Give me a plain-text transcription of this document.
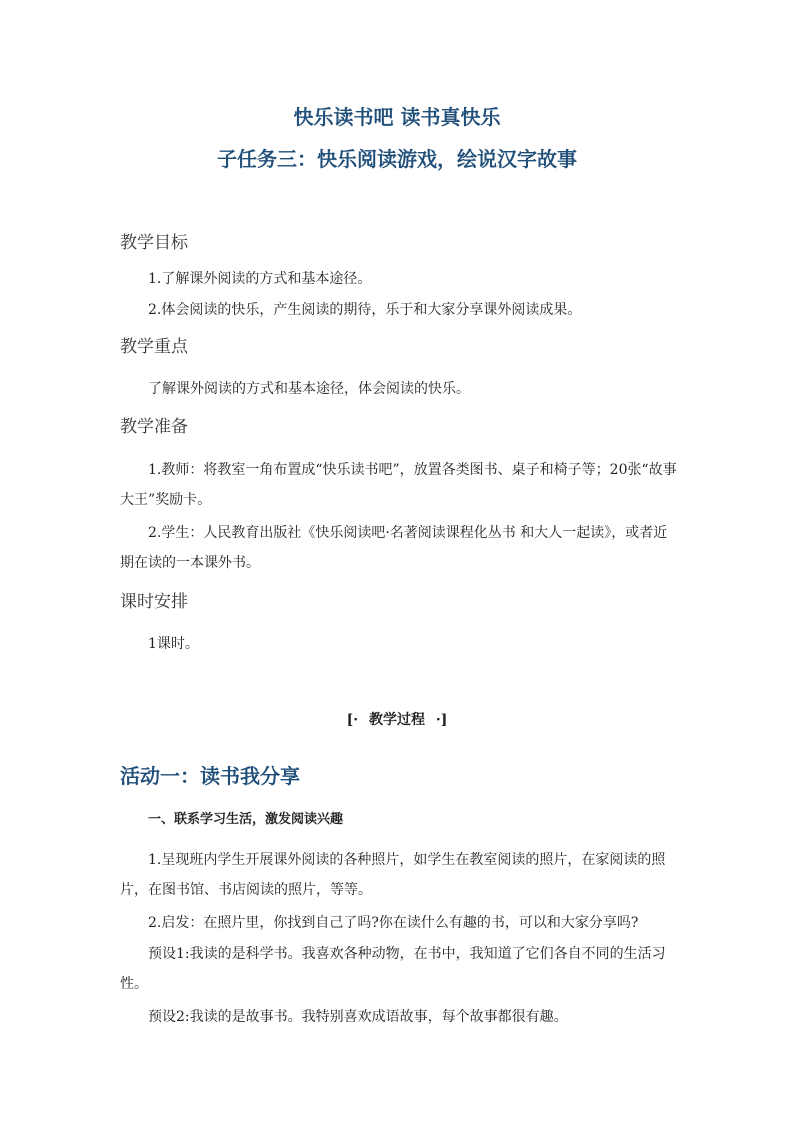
快乐读书吧 读书真快乐
子任务三：快乐阅读游戏，绘说汉字故事
教学目标

1.了解课外阅读的方式和基本途径。

2.体会阅读的快乐，产生阅读的期待，乐于和大家分享课外阅读成果。

教学重点

了解课外阅读的方式和基本途径，体会阅读的快乐。

教学准备

1.教师：将教室一角布置成“快乐读书吧”，放置各类图书、桌子和椅子等；20张“故事大王”奖励卡。

2.学生：人民教育出版社《快乐阅读吧·名著阅读课程化丛书 和大人一起读》，或者近期在读的一本课外书。

课时安排

1课时。

[· 教学过程 ·]
活动一：读书我分享
一、联系学习生活，激发阅读兴趣

1.呈现班内学生开展课外阅读的各种照片，如学生在教室阅读的照片，在家阅读的照片，在图书馆、书店阅读的照片，等等。

2.启发：在照片里，你找到自己了吗?你在读什么有趣的书，可以和大家分享吗?

预设1:我读的是科学书。我喜欢各种动物，在书中，我知道了它们各自不同的生活习性。

预设2:我读的是故事书。我特别喜欢成语故事，每个故事都很有趣。
